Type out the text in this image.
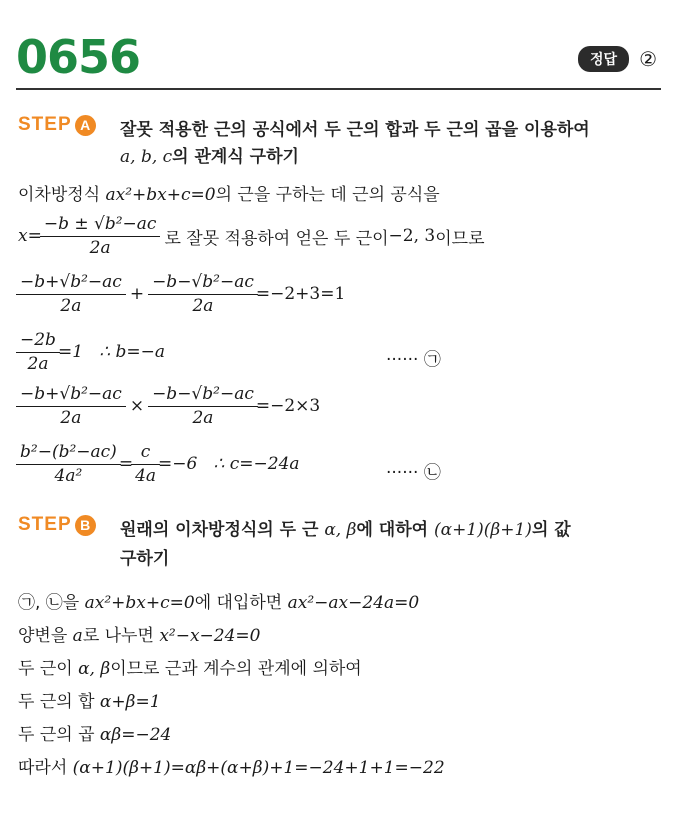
0656	정답	②
STEP A	잘못 적용한 근의 공식에서 두 근의 합과 두 근의 곱을 이용하여
a, b, c의 관계식 구하기
이차방정식 ax²+bx+c=0의 근을 구하는 데 근의 공식을
$x= \frac{\text{−b ± √b²−ac}}{2a}$ 로 잘못 적용하여 얻은 두 근이 −2, 3 이므로
$\frac{\text{−b+√b²−ac}}{2a} + \frac{\text{−b−√b²−ac}}{2a} =-2+3=1$
$\frac{-2b}{2a} =1$   ∴ b=−a	······ ㉠
$\frac{\text{−b+√b²−ac}}{2a} \times \frac{\text{−b−√b²−ac}}{2a} =-2\times 3$
$\frac{\text{b²−(b²−ac)}}{\text{4a²}} = \frac{c}{4a} =-6$   ∴ c=−24a	······ ㉡
STEP B	원래의 이차방정식의 두 근 α, β에 대하여 (α+1)(β+1)의 값
구하기
㉠, ㉡을 ax²+bx+c=0에 대입하면 ax²−ax−24a=0
양변을 a로 나누면 x²−x−24=0
두 근이 α, β이므로 근과 계수의 관계에 의하여
두 근의 합 α+β=1
두 근의 곱 αβ=−24
따라서 (α+1)(β+1)=αβ+(α+β)+1=−24+1+1=−22
